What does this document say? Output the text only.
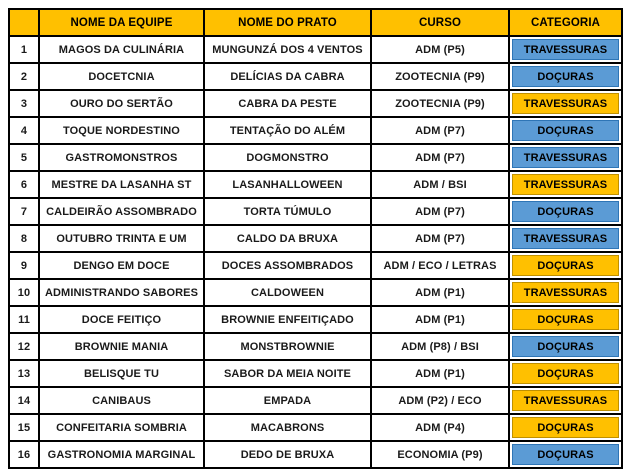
	NOME DA EQUIPE	NOME DO PRATO	CURSO	CATEGORIA
1	MAGOS DA CULINÁRIA	MUNGUNZÁ DOS 4 VENTOS	ADM (P5)	TRAVESSURAS

2	DOCETCNIA	DELÍCIAS DA CABRA	ZOOTECNIA (P9)	DOÇURAS

3	OURO DO SERTÃO	CABRA DA PESTE	ZOOTECNIA (P9)	TRAVESSURAS

4	TOQUE NORDESTINO	TENTAÇÃO DO ALÉM	ADM (P7)	DOÇURAS

5	GASTROMONSTROS	DOGMONSTRO	ADM (P7)	TRAVESSURAS

6	MESTRE DA LASANHA ST	LASANHALLOWEEN	ADM / BSI	TRAVESSURAS

7	CALDEIRÃO ASSOMBRADO	TORTA TÚMULO	ADM (P7)	DOÇURAS

8	OUTUBRO TRINTA E UM	CALDO DA BRUXA	ADM (P7)	TRAVESSURAS

9	DENGO EM DOCE	DOCES ASSOMBRADOS	ADM / ECO / LETRAS	DOÇURAS

10	ADMINISTRANDO SABORES	CALDOWEEN	ADM (P1)	TRAVESSURAS

11	DOCE FEITIÇO	BROWNIE ENFEITIÇADO	ADM (P1)	DOÇURAS

12	BROWNIE MANIA	MONSTBROWNIE	ADM (P8) / BSI	DOÇURAS

13	BELISQUE TU	SABOR DA MEIA NOITE	ADM (P1)	DOÇURAS

14	CANIBAUS	EMPADA	ADM (P2) / ECO	TRAVESSURAS

15	CONFEITARIA SOMBRIA	MACABRONS	ADM (P4)	DOÇURAS

16	GASTRONOMIA MARGINAL	DEDO DE BRUXA	ECONOMIA (P9)	DOÇURAS
